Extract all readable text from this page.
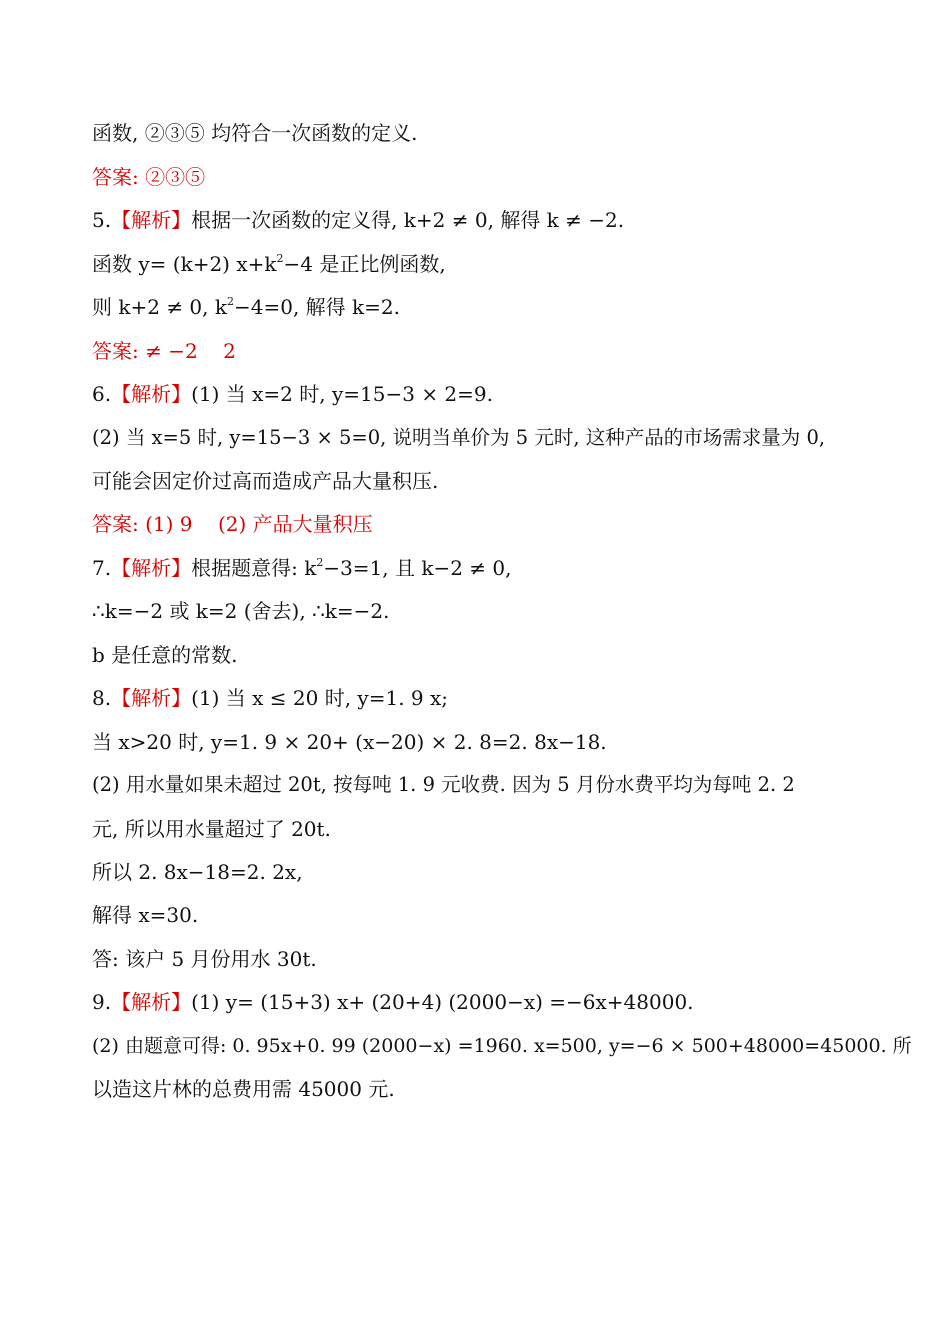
函数, ②③⑤ 均符合一次函数的定义.
答案: ②③⑤
5.【解析】根据一次函数的定义得, k+2 ≠ 0, 解得 k ≠ −2.
函数 y= (k+2) $x+k^2-4$ 是正比例函数,
则 k+2 ≠ 0, $k^2-4=0$, 解得 k=2.
答案: ≠ −2    2
6.【解析】(1) 当 x=2 时, y=15−3 × 2=9.
(2) 当 x=5 时, y=15−3 × 5=0, 说明当单价为 5 元时, 这种产品的市场需求量为 0,
可能会因定价过高而造成产品大量积压.
答案: (1) 9    (2) 产品大量积压
7.【解析】根据题意得: $k^2-3=1$, 且 k−2 ≠ 0,
∴k=−2 或 k=2 (舍去), ∴k=−2.
b 是任意的常数.
8.【解析】(1) 当 x ≤ 20 时, y=1. 9 x;
当 x>20 时, y=1. 9 × 20+ (x−20) × 2. 8=2. 8x−18.
(2) 用水量如果未超过 20t, 按每吨 1. 9 元收费. 因为 5 月份水费平均为每吨 2. 2
元, 所以用水量超过了 20t.
所以 2. 8x−18=2. 2x,
解得 x=30.
答: 该户 5 月份用水 30t.
9.【解析】(1) y= (15+3) x+ (20+4) (2000−x) =−6x+48000.
(2) 由题意可得: 0. 95x+0. 99 (2000−x) =1960. x=500, y=−6 × 500+48000=45000. 所
以造这片林的总费用需 45000 元.
